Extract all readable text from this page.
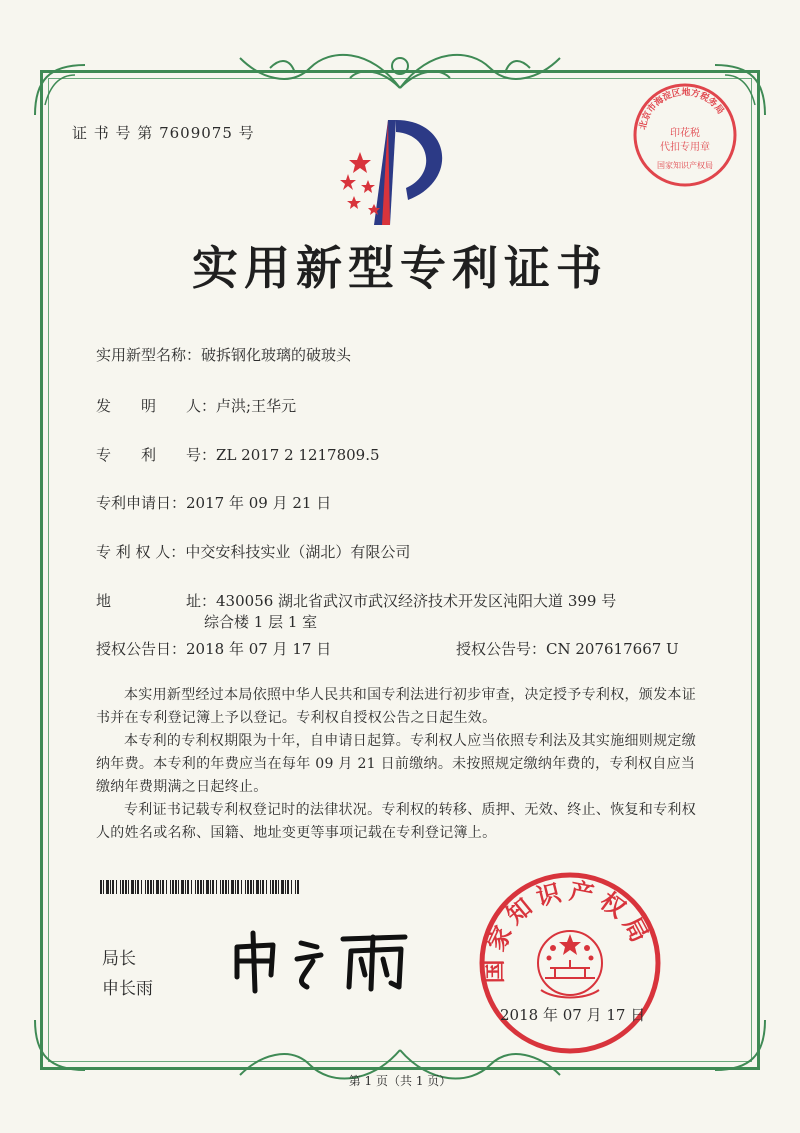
证 书 号 第 7609075 号	北京市海淀区地方税务局
印花税
代扣专用章
国家知识产权局
实用新型专利证书
实用新型名称：破拆钢化玻璃的破玻头
发　　明　　人：卢洪;王华元
专　　利　　号：ZL 2017 2 1217809.5
专利申请日：2017 年 09 月 21 日
专 利 权 人：中交安科技实业（湖北）有限公司
地　　　　　址：430056 湖北省武汉市武汉经济技术开发区沌阳大道 399 号
综合楼 1 层 1 室
授权公告日：2018 年 07 月 17 日	授权公告号：CN 207617667 U
本实用新型经过本局依照中华人民共和国专利法进行初步审查，决定授予专利权，颁发本证书并在专利登记簿上予以登记。专利权自授权公告之日起生效。
本专利的专利权期限为十年，自申请日起算。专利权人应当依照专利法及其实施细则规定缴纳年费。本专利的年费应当在每年 09 月 21 日前缴纳。未按照规定缴纳年费的，专利权自应当缴纳年费期满之日起终止。
专利证书记载专利权登记时的法律状况。专利权的转移、质押、无效、终止、恢复和专利权人的姓名或名称、国籍、地址变更等事项记载在专利登记簿上。
局长
申长雨
国家知识产权局
2018 年 07 月 17 日
第 1 页（共 1 页）
